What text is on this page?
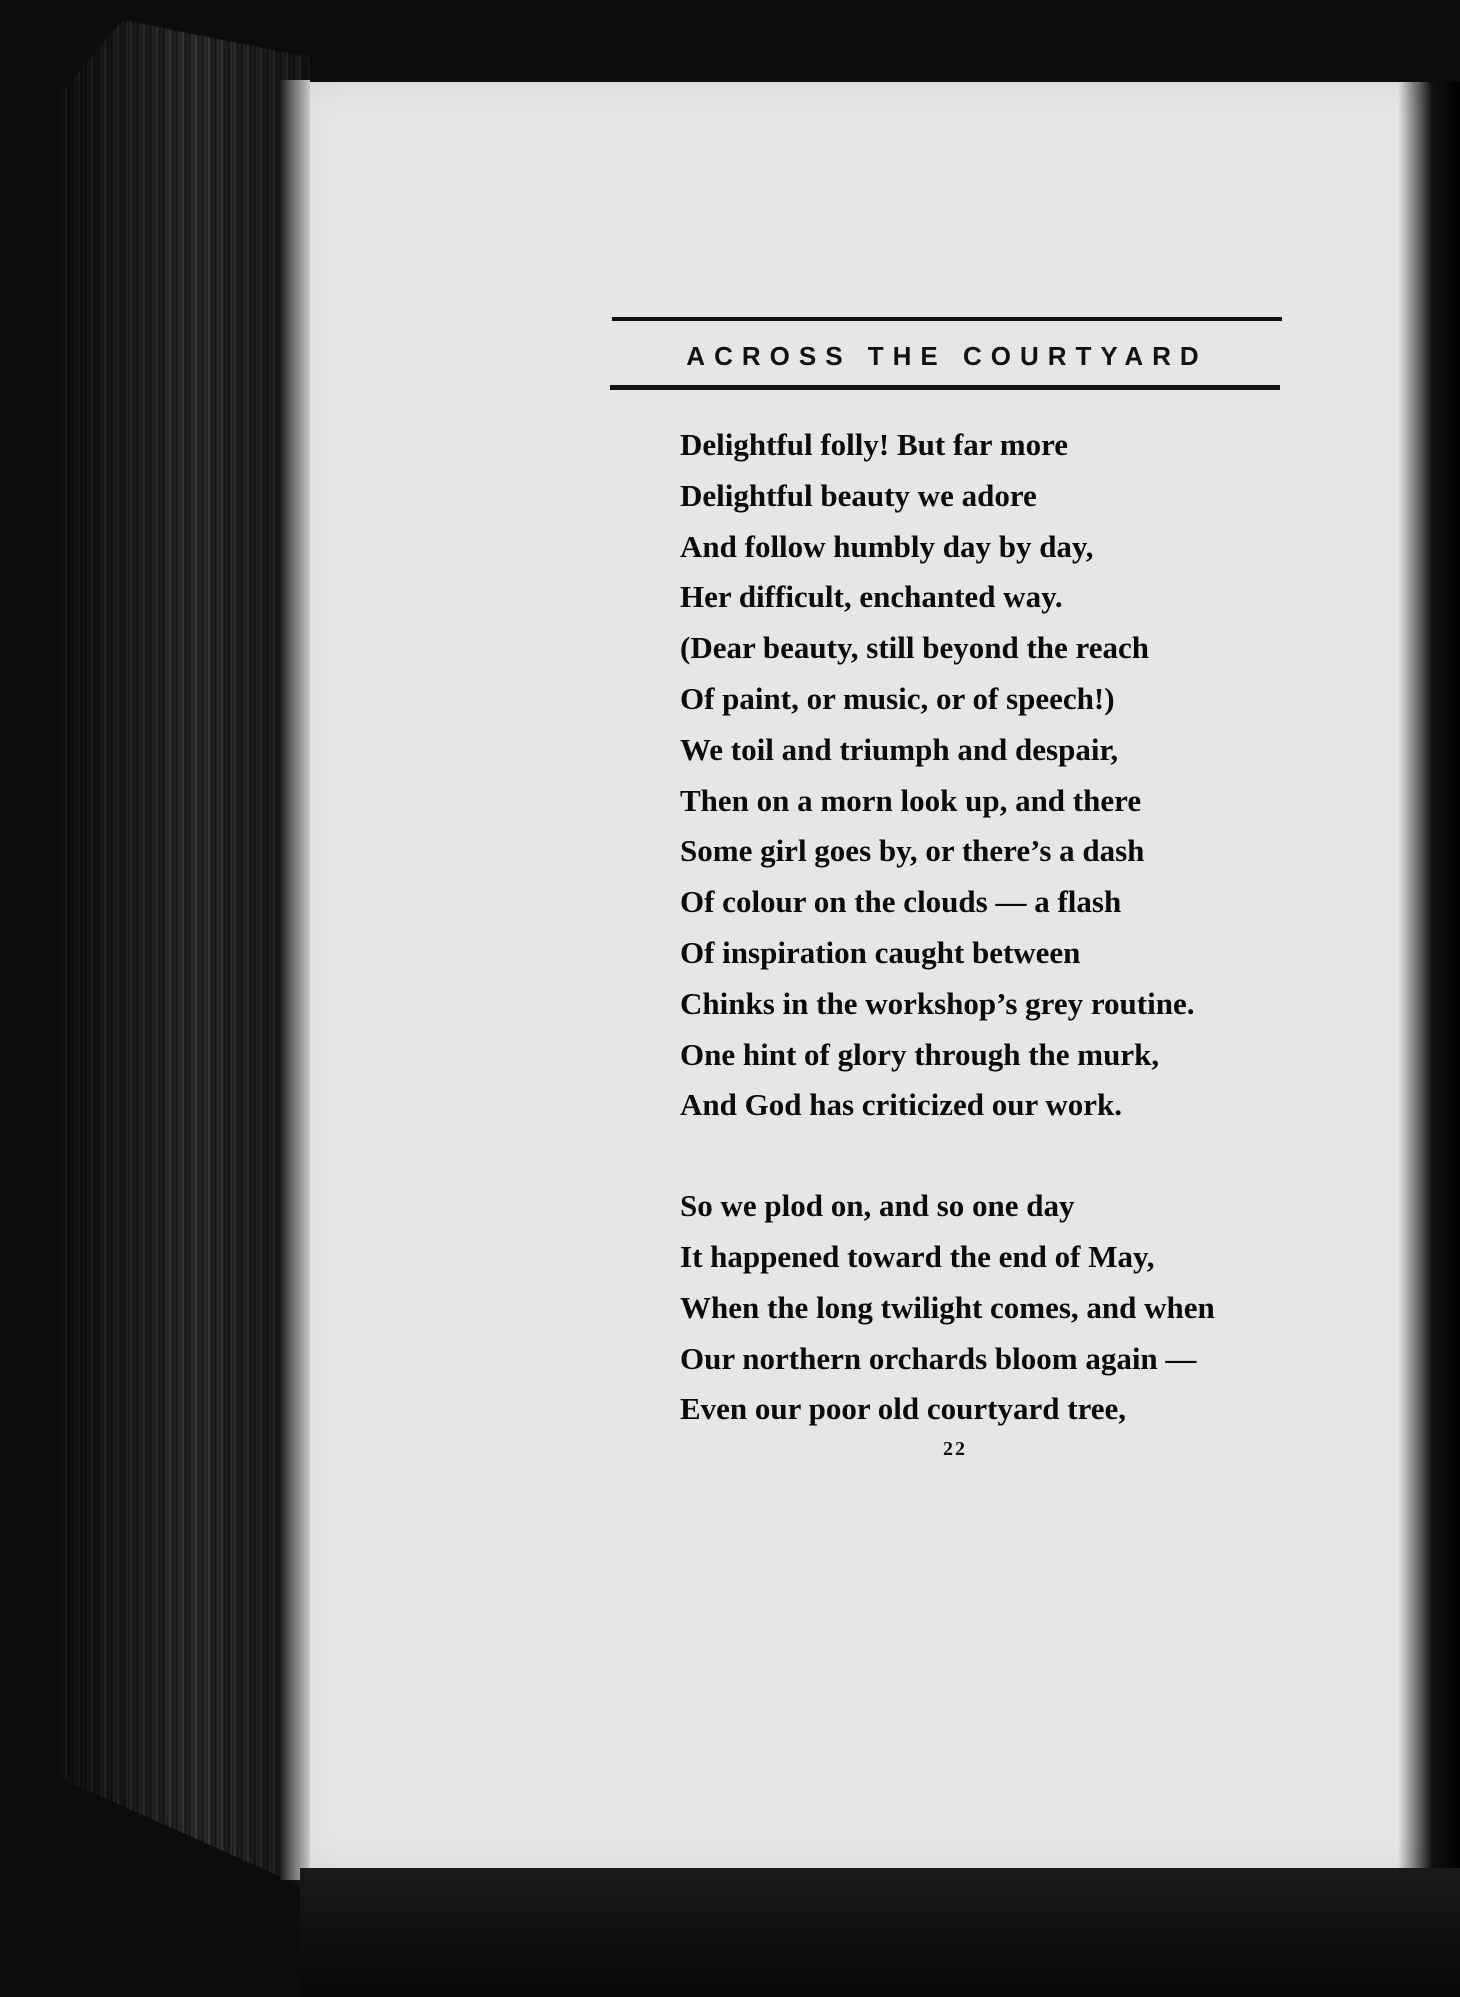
ACROSS THE COURTYARD
Delightful folly! But far more
Delightful beauty we adore
And follow humbly day by day,
Her difficult, enchanted way.
(Dear beauty, still beyond the reach
Of paint, or music, or of speech!)
We toil and triumph and despair,
Then on a morn look up, and there
Some girl goes by, or there’s a dash
Of colour on the clouds — a flash
Of inspiration caught between
Chinks in the workshop’s grey routine.
One hint of glory through the murk,
And God has criticized our work.
So we plod on, and so one day
It happened toward the end of May,
When the long twilight comes, and when
Our northern orchards bloom again —
Even our poor old courtyard tree,
22
